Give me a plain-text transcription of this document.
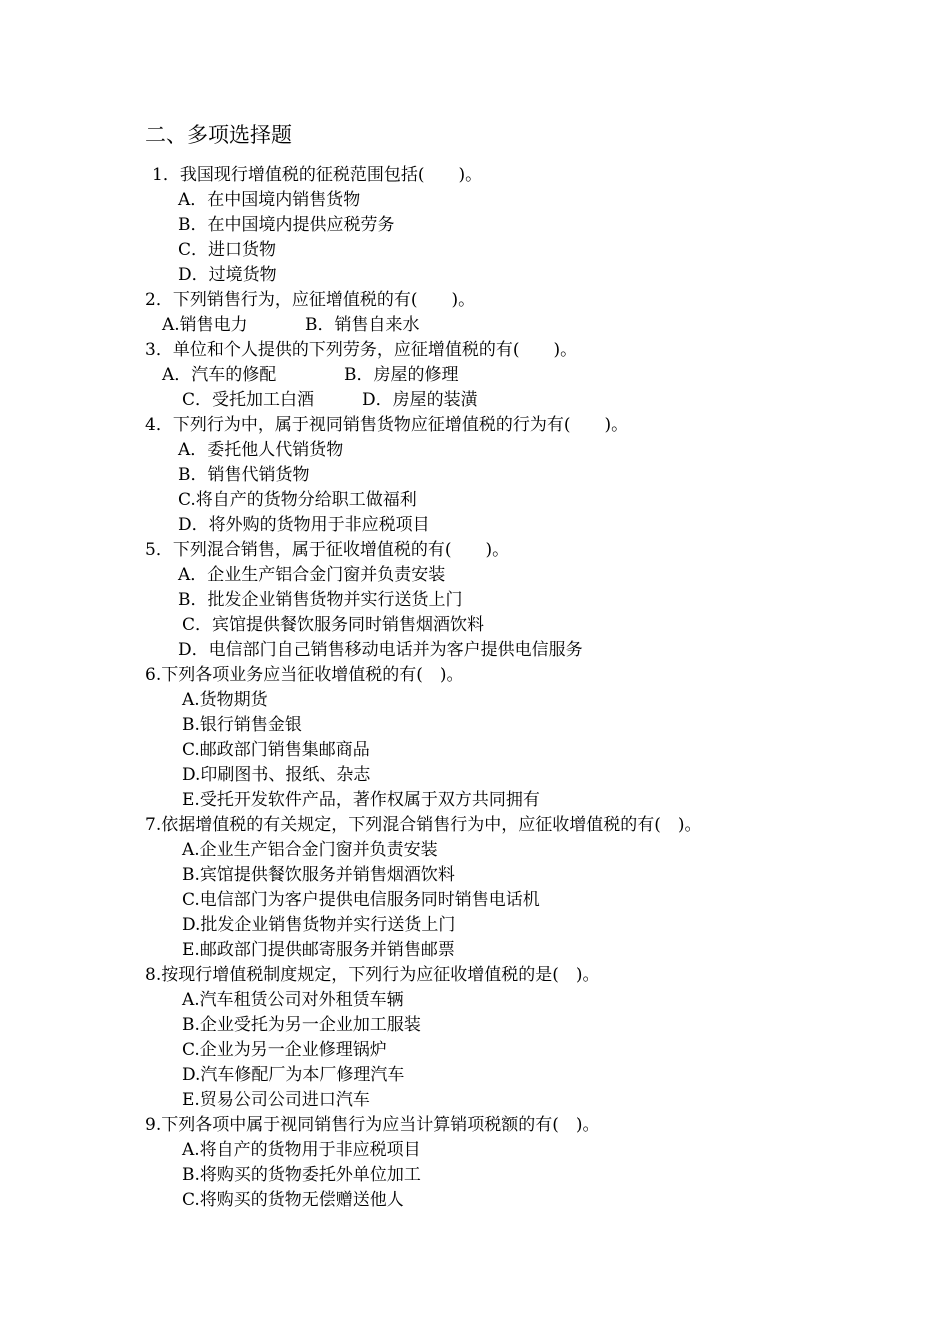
二、多项选择题
1．我国现行增值税的征税范围包括(　　)。
A．在中国境内销售货物
B．在中国境内提供应税劳务
C．进口货物
D．过境货物
2．下列销售行为，应征增值税的有(　　)。
A.销售电力	B．销售自来水
3．单位和个人提供的下列劳务，应征增值税的有(　　)。
A．汽车的修配	B．房屋的修理
C．受托加工白酒	D．房屋的装潢
4．下列行为中，属于视同销售货物应征增值税的行为有(　　)。
A．委托他人代销货物
B．销售代销货物
C.将自产的货物分给职工做福利
D．将外购的货物用于非应税项目
5．下列混合销售，属于征收增值税的有(　　)。
A．企业生产铝合金门窗并负责安装
B．批发企业销售货物并实行送货上门
C．宾馆提供餐饮服务同时销售烟酒饮料
D．电信部门自己销售移动电话并为客户提供电信服务
6.下列各项业务应当征收增值税的有(　)。
A.货物期货
B.银行销售金银
C.邮政部门销售集邮商品
D.印刷图书、报纸、杂志
E.受托开发软件产品，著作权属于双方共同拥有
7.依据增值税的有关规定，下列混合销售行为中，应征收增值税的有(　)。
A.企业生产铝合金门窗并负责安装
B.宾馆提供餐饮服务并销售烟酒饮料
C.电信部门为客户提供电信服务同时销售电话机
D.批发企业销售货物并实行送货上门
E.邮政部门提供邮寄服务并销售邮票
8.按现行增值税制度规定，下列行为应征收增值税的是(　)。
A.汽车租赁公司对外租赁车辆
B.企业受托为另一企业加工服装
C.企业为另一企业修理锅炉
D.汽车修配厂为本厂修理汽车
E.贸易公司公司进口汽车
9.下列各项中属于视同销售行为应当计算销项税额的有(　)。
A.将自产的货物用于非应税项目
B.将购买的货物委托外单位加工
C.将购买的货物无偿赠送他人
